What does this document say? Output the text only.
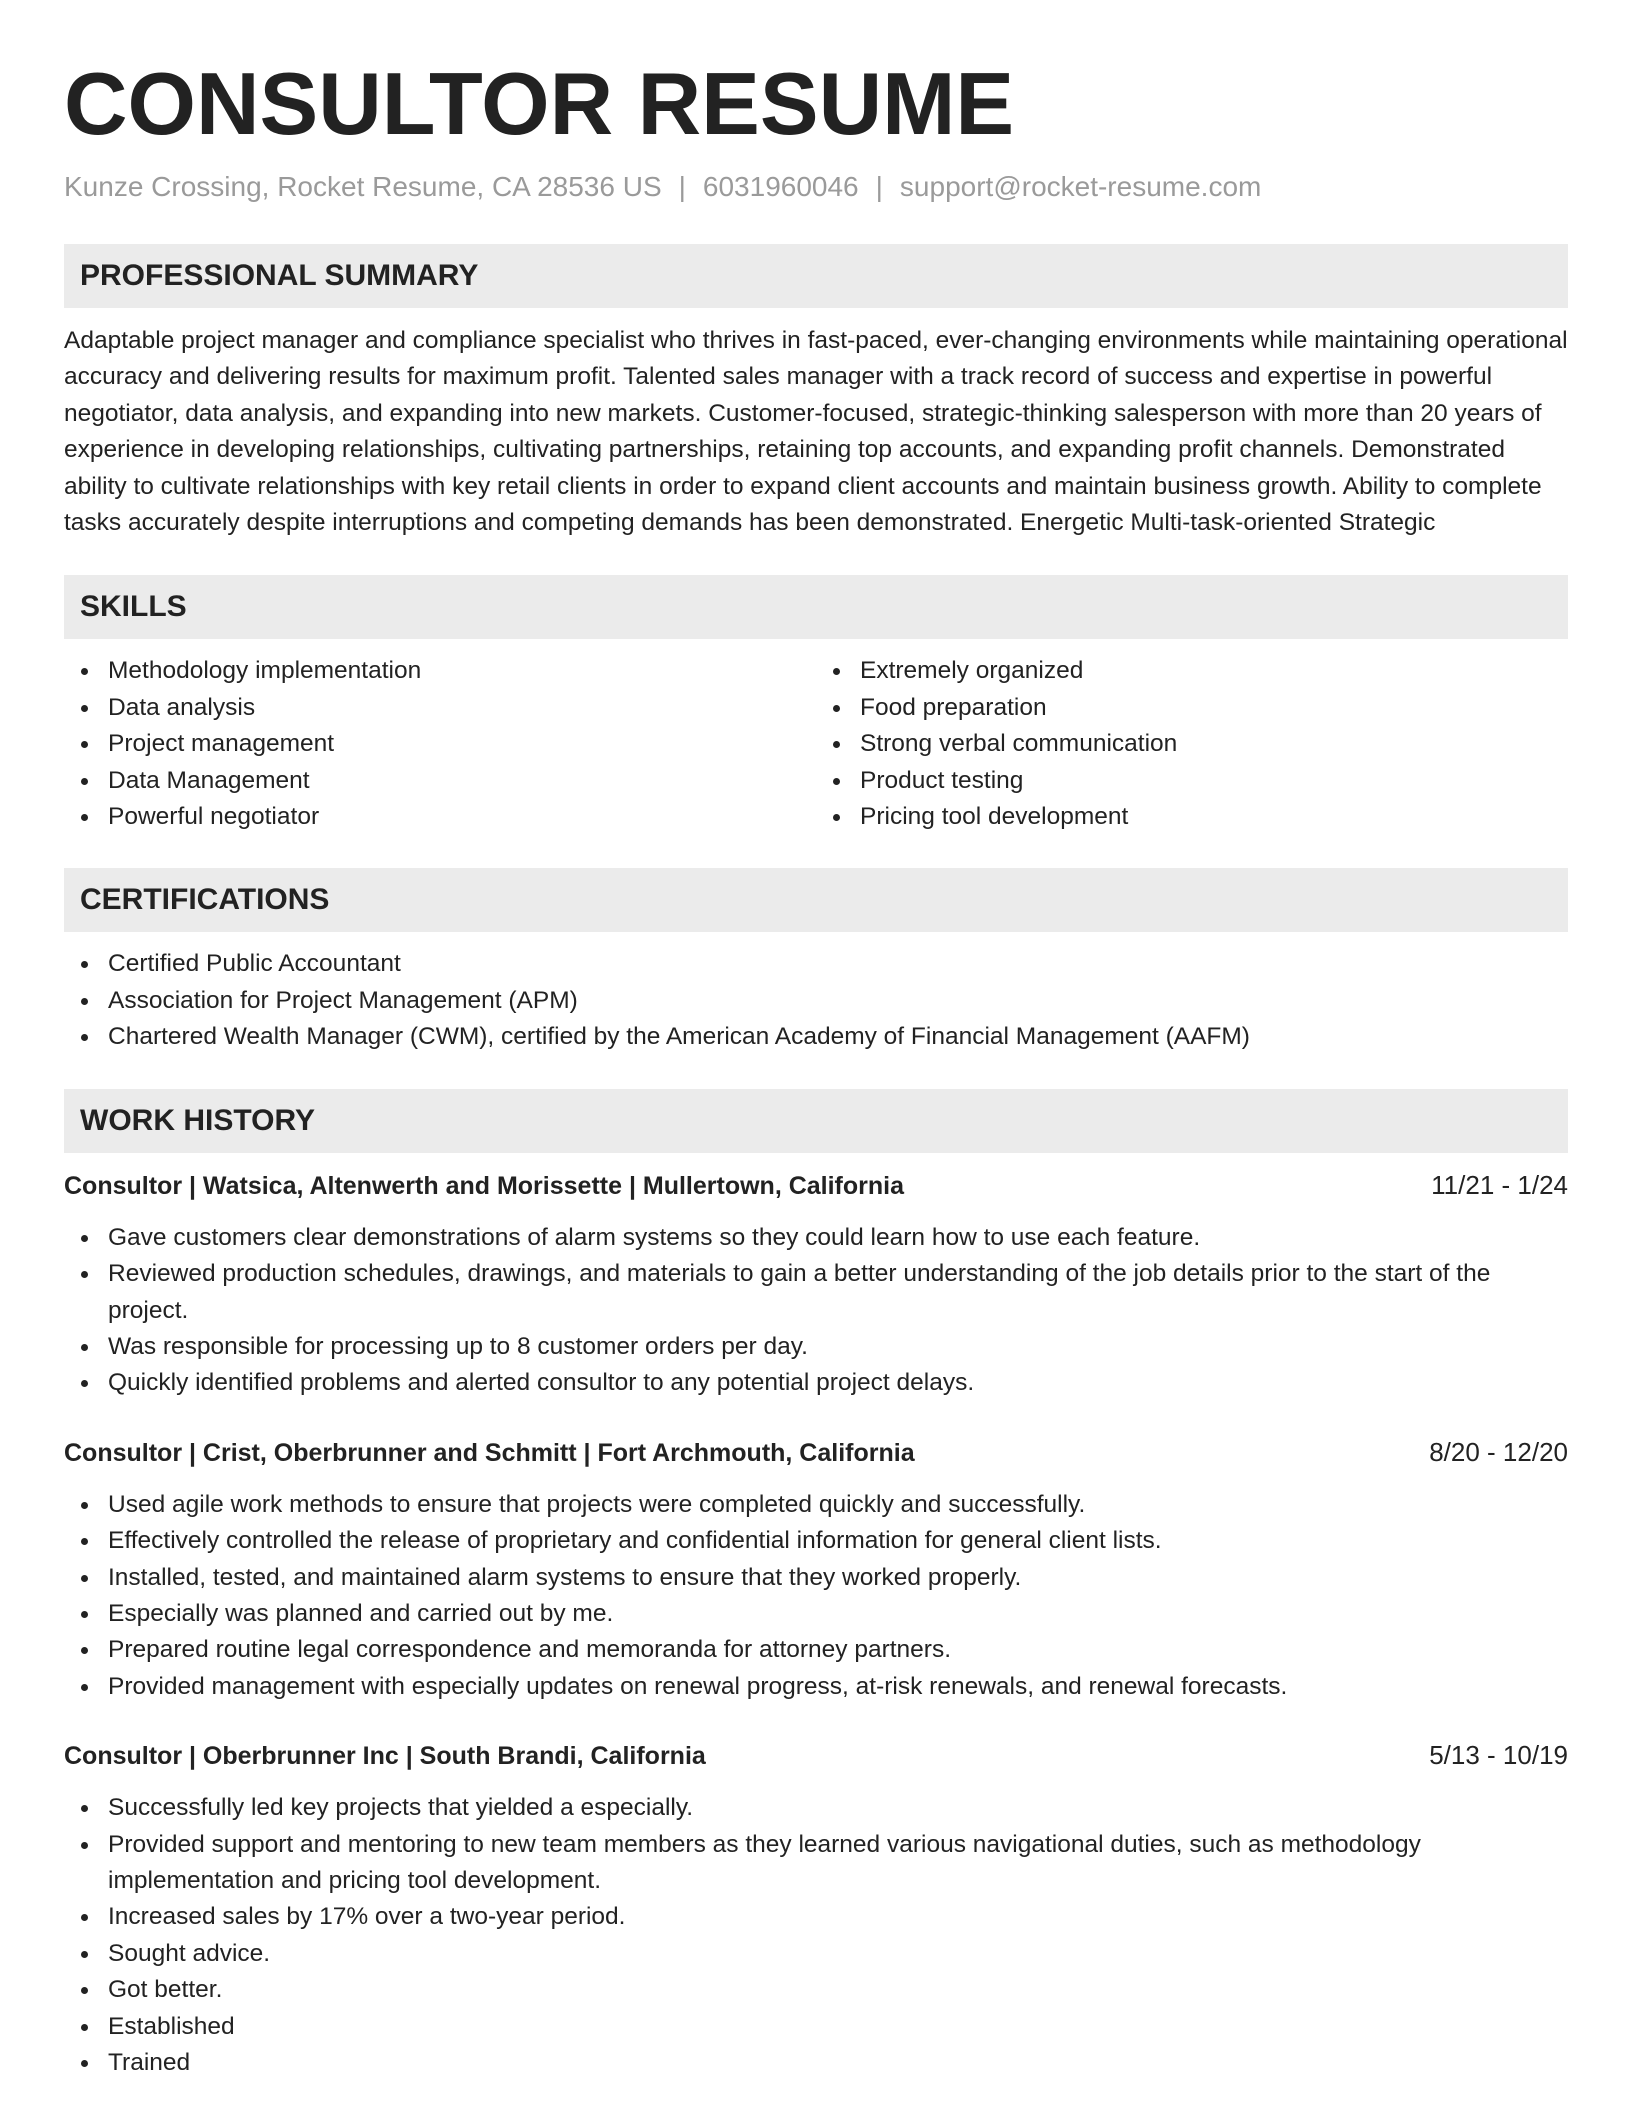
CONSULTOR RESUME
Kunze Crossing, Rocket Resume, CA 28536 US | 6031960046 | support@rocket-resume.com
PROFESSIONAL SUMMARY

Adaptable project manager and compliance specialist who thrives in fast-paced, ever-changing environments while maintaining operational accuracy and delivering results for maximum profit. Talented sales manager with a track record of success and expertise in powerful negotiator, data analysis, and expanding into new markets. Customer-focused, strategic-thinking salesperson with more than 20 years of experience in developing relationships, cultivating partnerships, retaining top accounts, and expanding profit channels. Demonstrated ability to cultivate relationships with key retail clients in order to expand client accounts and maintain business growth. Ability to complete tasks accurately despite interruptions and competing demands has been demonstrated. Energetic Multi-task-oriented Strategic

SKILLS
Methodology implementation
Data analysis
Project management
Data Management
Powerful negotiator
Extremely organized
Food preparation
Strong verbal communication
Product testing
Pricing tool development
CERTIFICATIONS
Certified Public Accountant
Association for Project Management (APM)
Chartered Wealth Manager (CWM), certified by the American Academy of Financial Management (AAFM)
WORK HISTORY
Consultor | Watsica, Altenwerth and Morissette | Mullertown, California	11/21 - 1/24
Gave customers clear demonstrations of alarm systems so they could learn how to use each feature.
Reviewed production schedules, drawings, and materials to gain a better understanding of the job details prior to the start of the project.
Was responsible for processing up to 8 customer orders per day.
Quickly identified problems and alerted consultor to any potential project delays.
Consultor | Crist, Oberbrunner and Schmitt | Fort Archmouth, California	8/20 - 12/20
Used agile work methods to ensure that projects were completed quickly and successfully.
Effectively controlled the release of proprietary and confidential information for general client lists.
Installed, tested, and maintained alarm systems to ensure that they worked properly.
Especially was planned and carried out by me.
Prepared routine legal correspondence and memoranda for attorney partners.
Provided management with especially updates on renewal progress, at-risk renewals, and renewal forecasts.
Consultor | Oberbrunner Inc | South Brandi, California	5/13 - 10/19
Successfully led key projects that yielded a especially.
Provided support and mentoring to new team members as they learned various navigational duties, such as methodology implementation and pricing tool development.
Increased sales by 17% over a two-year period.
Sought advice.
Got better.
Established
Trained
